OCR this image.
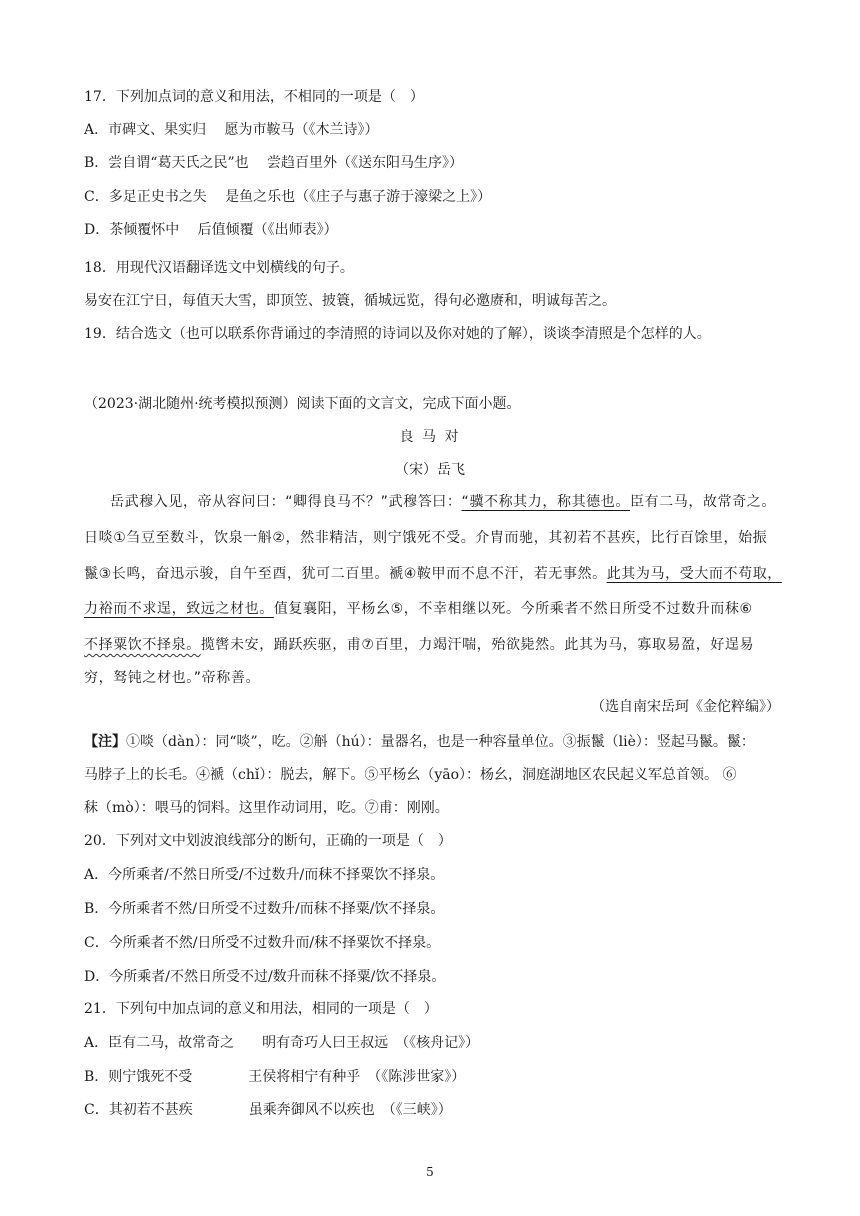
17．下列加点词的意义和用法，不相同的一项是（　）
A．市碑文、果实归　 愿为市鞍马（《木兰诗》）
B．尝自谓“葛天氏之民”也　 尝趋百里外（《送东阳马生序》）
C．多足正史书之失　 是鱼之乐也（《庄子与惠子游于濠梁之上》）
D．茶倾覆怀中　 后值倾覆（《出师表》）
18．用现代汉语翻译选文中划横线的句子。
易安在江宁日，每值天大雪，即顶笠、披簑，循城远览，得句必邀赓和，明诚每苦之。
19．结合选文（也可以联系你背诵过的李清照的诗词以及你对她的了解），谈谈李清照是个怎样的人。
（2023·湖北随州·统考模拟预测）阅读下面的文言文，完成下面小题。
良 马 对
（宋）岳飞
岳武穆入见，帝从容问曰：“卿得良马不？”武穆答曰：“骥不称其力，称其德也。臣有二马，故常奇之。
日啖①刍豆至数斗，饮泉一斛②，然非精洁，则宁饿死不受。介胄而驰，其初若不甚疾，比行百馀里，始振
鬣③长鸣，奋迅示骏，自午至酉，犹可二百里。褫④鞍甲而不息不汗，若无事然。此其为马，受大而不苟取，
力裕而不求逞，致远之材也。值复襄阳，平杨幺⑤，不幸相继以死。今所乘者不然日所受不过数升而秣⑥
不择粟饮不择泉。揽辔未安，踊跃疾驱，甫⑦百里，力竭汗喘，殆欲毙然。此其为马，寡取易盈，好逞易
穷，驽钝之材也。”帝称善。
（选自南宋岳珂《金佗粹编》）
【注】①啖（dàn）：同“啖”，吃。②斛（hú）：量器名，也是一种容量单位。③振鬣（liè）：竖起马鬣。鬣：
马脖子上的长毛。④褫（chǐ）：脱去，解下。⑤平杨幺（yāo）：杨幺，洞庭湖地区农民起义军总首领。 ⑥
秣（mò）：喂马的饲料。这里作动词用，吃。⑦甫：刚刚。
20．下列对文中划波浪线部分的断句，正确的一项是（　）
A．今所乘者/不然日所受/不过数升/而秣不择粟饮不择泉。
B．今所乘者不然/日所受不过数升/而秣不择粟/饮不择泉。
C．今所乘者不然/日所受不过数升而/秣不择粟饮不择泉。
D．今所乘者/不然日所受不过/数升而秣不择粟/饮不择泉。
21．下列句中加点词的意义和用法，相同的一项是（　）
A．臣有二马，故常奇之　　明有奇巧人曰王叔远　（《核舟记》）
B．则宁饿死不受　　　　王侯将相宁有种乎　（《陈涉世家》）
C．其初若不甚疾　　　　虽乘奔御风不以疾也　（《三峡》）
5
